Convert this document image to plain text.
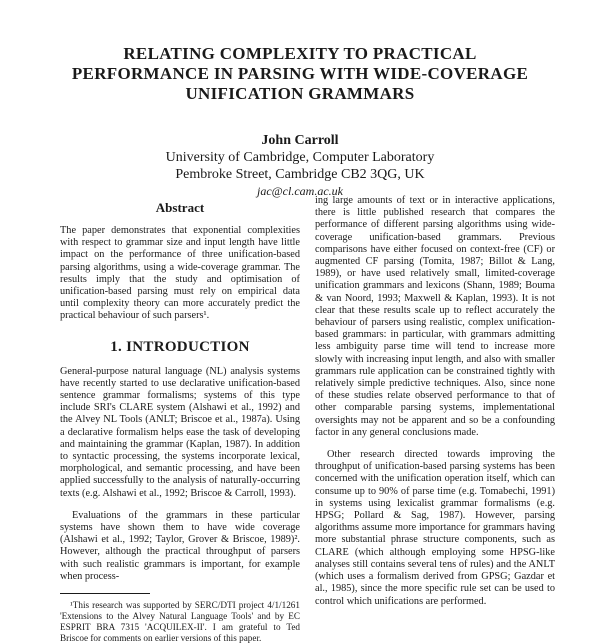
RELATING COMPLEXITY TO PRACTICAL
PERFORMANCE IN PARSING WITH WIDE-COVERAGE
UNIFICATION GRAMMARS
John Carroll
University of Cambridge, Computer Laboratory
Pembroke Street, Cambridge CB2 3QG, UK
jac@cl.cam.ac.uk
Abstract
The paper demonstrates that exponential complexities with respect to grammar size and input length have little impact on the performance of three unification-based parsing algorithms, using a wide-coverage grammar. The results imply that the study and optimisation of unification-based parsing must rely on empirical data until complexity theory can more accurately predict the practical behaviour of such parsers¹.
1. INTRODUCTION

General-purpose natural language (NL) analysis systems have recently started to use declarative unification-based sentence grammar formalisms; systems of this type include SRI's CLARE system (Alshawi et al., 1992) and the Alvey NL Tools (ANLT; Briscoe et al., 1987a). Using a declarative formalism helps ease the task of developing and maintaining the grammar (Kaplan, 1987). In addition to syntactic processing, the systems incorporate lexical, morphological, and semantic processing, and have been applied successfully to the analysis of naturally-occurring texts (e.g. Alshawi et al., 1992; Briscoe & Carroll, 1993).

Evaluations of the grammars in these particular systems have shown them to have wide coverage (Alshawi et al., 1992; Taylor, Grover & Briscoe, 1989)². However, although the practical throughput of parsers with such realistic grammars is important, for example when process-

¹This research was supported by SERC/DTI project 4/1/1261 'Extensions to the Alvey Natural Language Tools' and by EC ESPRIT BRA 7315 'ACQUILEX-II'. I am grateful to Ted Briscoe for comments on earlier versions of this paper.

ing large amounts of text or in interactive applications, there is little published research that compares the performance of different parsing algorithms using wide-coverage unification-based grammars. Previous comparisons have either focused on context-free (CF) or augmented CF parsing (Tomita, 1987; Billot & Lang, 1989), or have used relatively small, limited-coverage unification grammars and lexicons (Shann, 1989; Bouma & van Noord, 1993; Maxwell & Kaplan, 1993). It is not clear that these results scale up to reflect accurately the behaviour of parsers using realistic, complex unification-based grammars: in particular, with grammars admitting less ambiguity parse time will tend to increase more slowly with increasing input length, and also with smaller grammars rule application can be constrained tightly with relatively simple predictive techniques. Also, since none of these studies relate observed performance to that of other comparable parsing systems, implementational oversights may not be apparent and so be a confounding factor in any general conclusions made.

Other research directed towards improving the throughput of unification-based parsing systems has been concerned with the unification operation itself, which can consume up to 90% of parse time (e.g. Tomabechi, 1991) in systems using lexicalist grammar formalisms (e.g. HPSG; Pollard & Sag, 1987). However, parsing algorithms assume more importance for grammars having more substantial phrase structure components, such as CLARE (which although employing some HPSG-like analyses still contains several tens of rules) and the ANLT (which uses a formalism derived from GPSG; Gazdar et al., 1985), since the more specific rule set can be used to control which unifications are performed.
